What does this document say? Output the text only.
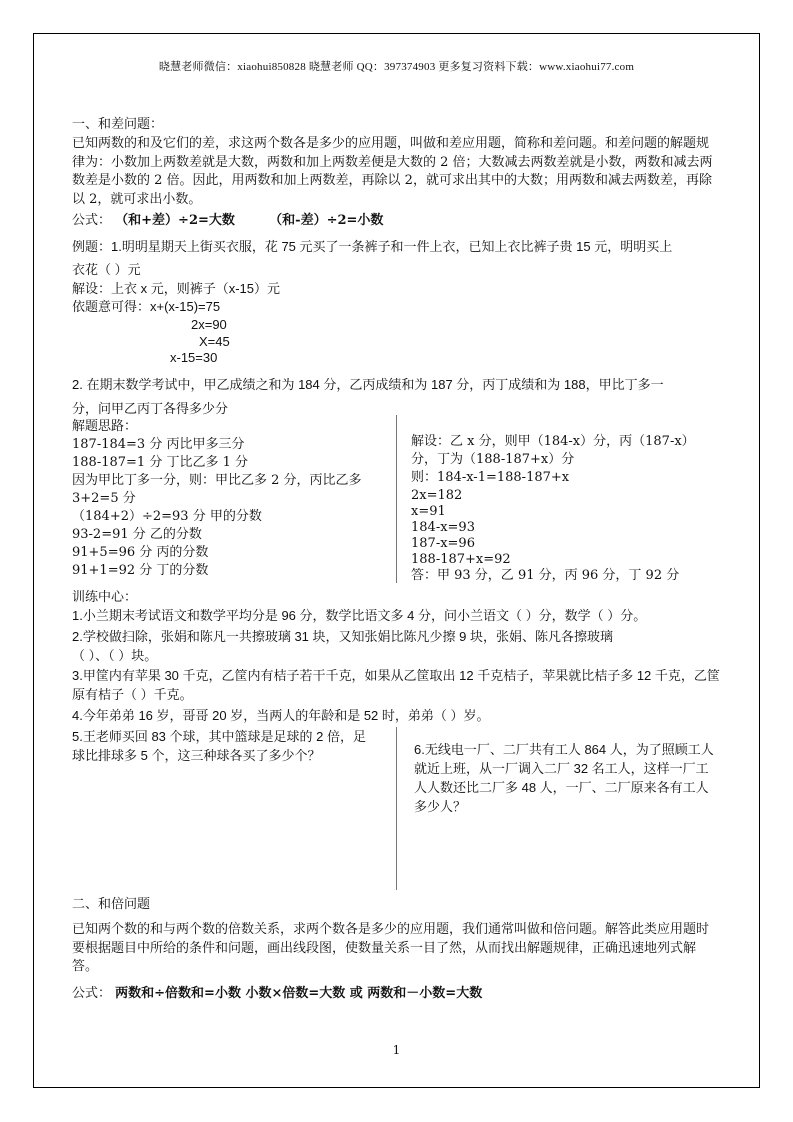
晓慧老师微信：xiaohui850828 晓慧老师 QQ：397374903 更多复习资料下载：www.xiaohui77.com
一、和差问题：
已知两数的和及它们的差，求这两个数各是多少的应用题，叫做和差应用题，简称和差问题。和差问题的解题规律为：小数加上两数差就是大数，两数和加上两数差便是大数的 2 倍；大数减去两数差就是小数，两数和减去两数差是小数的 2 倍。因此，用两数和加上两数差，再除以 2，就可求出其中的大数；用两数和减去两数差，再除以 2，就可求出小数。
公式： （和+差）÷2=大数	（和-差）÷2=小数
例题：1.明明星期天上街买衣服，花 75 元买了一条裤子和一件上衣，已知上衣比裤子贵 15 元，明明买上
衣花（ ）元
解设：上衣 x 元，则裤子（x-15）元
依题意可得：x+(x-15)=75
2x=90
X=45
x-15=30
2. 在期末数学考试中，甲乙成绩之和为 184 分，乙丙成绩和为 187 分，丙丁成绩和为 188，甲比丁多一
分，问甲乙丙丁各得多少分
解题思路：
187-184=3 分 丙比甲多三分
188-187=1 分 丁比乙多 1 分
因为甲比丁多一分，则：甲比乙多 2 分，丙比乙多
3+2=5 分
（184+2）÷2=93 分 甲的分数
93-2=91 分 乙的分数
91+5=96 分 丙的分数
91+1=92 分 丁的分数
解设：乙 x 分，则甲（184-x）分，丙（187-x）
分，丁为（188-187+x）分
则：184-x-1=188-187+x
2x=182
x=91
184-x=93
187-x=96
188-187+x=92
答：甲 93 分，乙 91 分，丙 96 分，丁 92 分
训练中心：
1.小兰期末考试语文和数学平均分是 96 分，数学比语文多 4 分，问小兰语文（ ）分，数学（ ）分。
2.学校做扫除，张娟和陈凡一共擦玻璃 31 块，又知张娟比陈凡少擦 9 块，张娟、陈凡各擦玻璃
（ ）、（ ）块。
3.甲筐内有苹果 30 千克，乙筐内有桔子若干千克，如果从乙筐取出 12 千克桔子，苹果就比桔子多 12 千克，乙筐原有桔子（ ）千克。
4.今年弟弟 16 岁，哥哥 20 岁，当两人的年龄和是 52 时，弟弟（ ）岁。
5.王老师买回 83 个球，其中篮球是足球的 2 倍，足球比排球多 5 个，这三种球各买了多少个？	6.无线电一厂、二厂共有工人 864 人，为了照顾工人就近上班，从一厂调入二厂 32 名工人，这样一厂工人人数还比二厂多 48 人，一厂、二厂原来各有工人多少人？
二、和倍问题
已知两个数的和与两个数的倍数关系，求两个数各是多少的应用题，我们通常叫做和倍问题。解答此类应用题时要根据题目中所给的条件和问题，画出线段图，使数量关系一目了然，从而找出解题规律，正确迅速地列式解答。
公式： 两数和÷倍数和=小数 小数×倍数=大数 或 两数和－小数=大数
1
